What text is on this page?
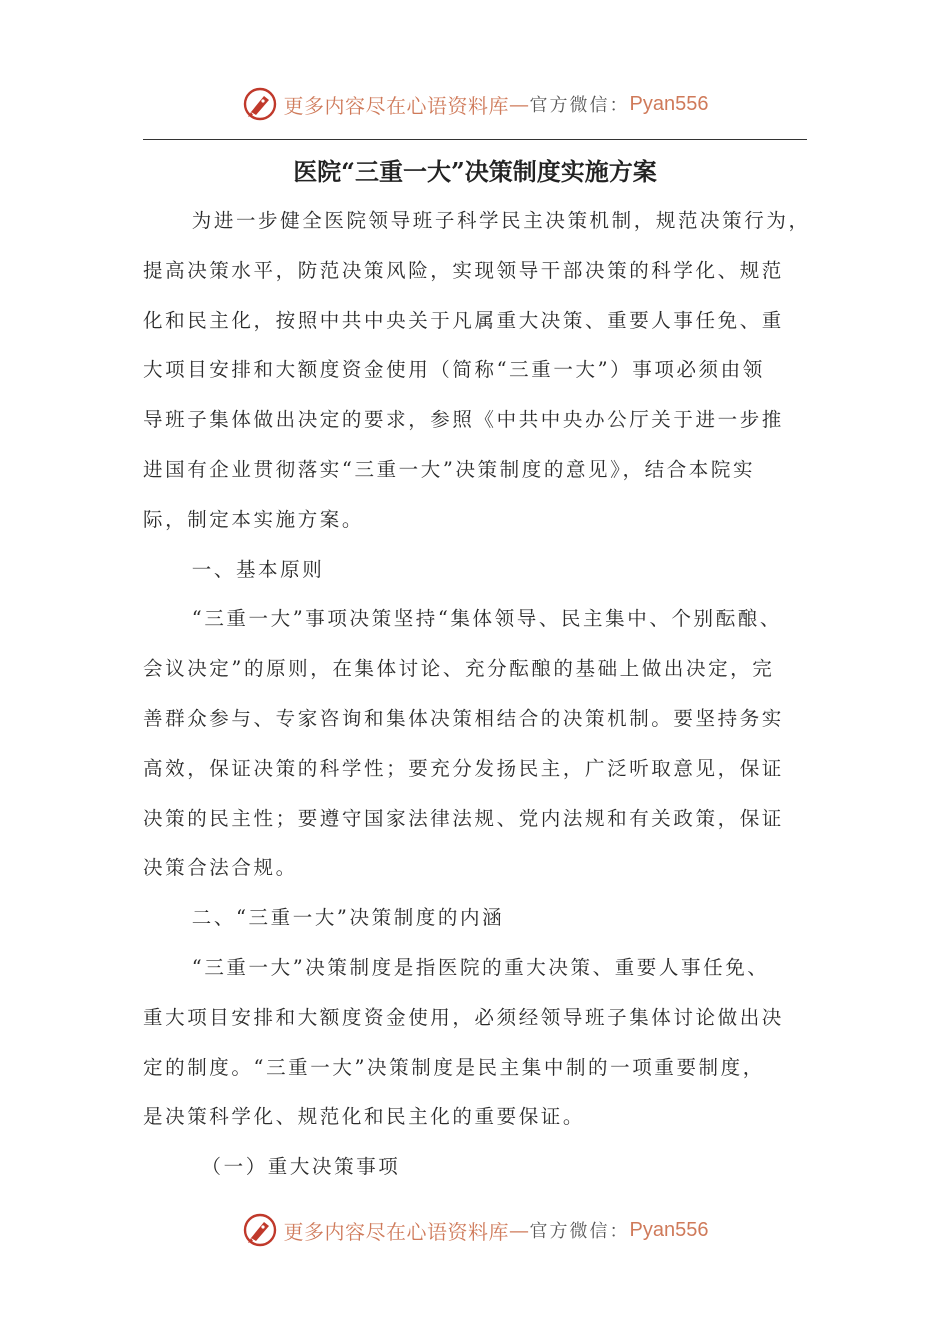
更多内容尽在心语资料库 — 官方微信： Pyan556
医院“三重一大”决策制度实施方案

为进一步健全医院领导班子科学民主决策机制，规范决策行为，
提高决策水平，防范决策风险，实现领导干部决策的科学化、规范
化和民主化，按照中共中央关于凡属重大决策、重要人事任免、重
大项目安排和大额度资金使用（简称“三重一大”）事项必须由领
导班子集体做出决定的要求，参照《中共中央办公厅关于进一步推
进国有企业贯彻落实“三重一大”决策制度的意见》，结合本院实
际，制定本实施方案。

一、基本原则

“三重一大”事项决策坚持“集体领导、民主集中、个别酝酿、
会议决定”的原则，在集体讨论、充分酝酿的基础上做出决定，完
善群众参与、专家咨询和集体决策相结合的决策机制。要坚持务实
高效，保证决策的科学性；要充分发扬民主，广泛听取意见，保证
决策的民主性；要遵守国家法律法规、党内法规和有关政策，保证
决策合法合规。

二、“三重一大”决策制度的内涵

“三重一大”决策制度是指医院的重大决策、重要人事任免、
重大项目安排和大额度资金使用，必须经领导班子集体讨论做出决
定的制度。“三重一大”决策制度是民主集中制的一项重要制度，
是决策科学化、规范化和民主化的重要保证。

（一）重大决策事项

更多内容尽在心语资料库 — 官方微信： Pyan556
